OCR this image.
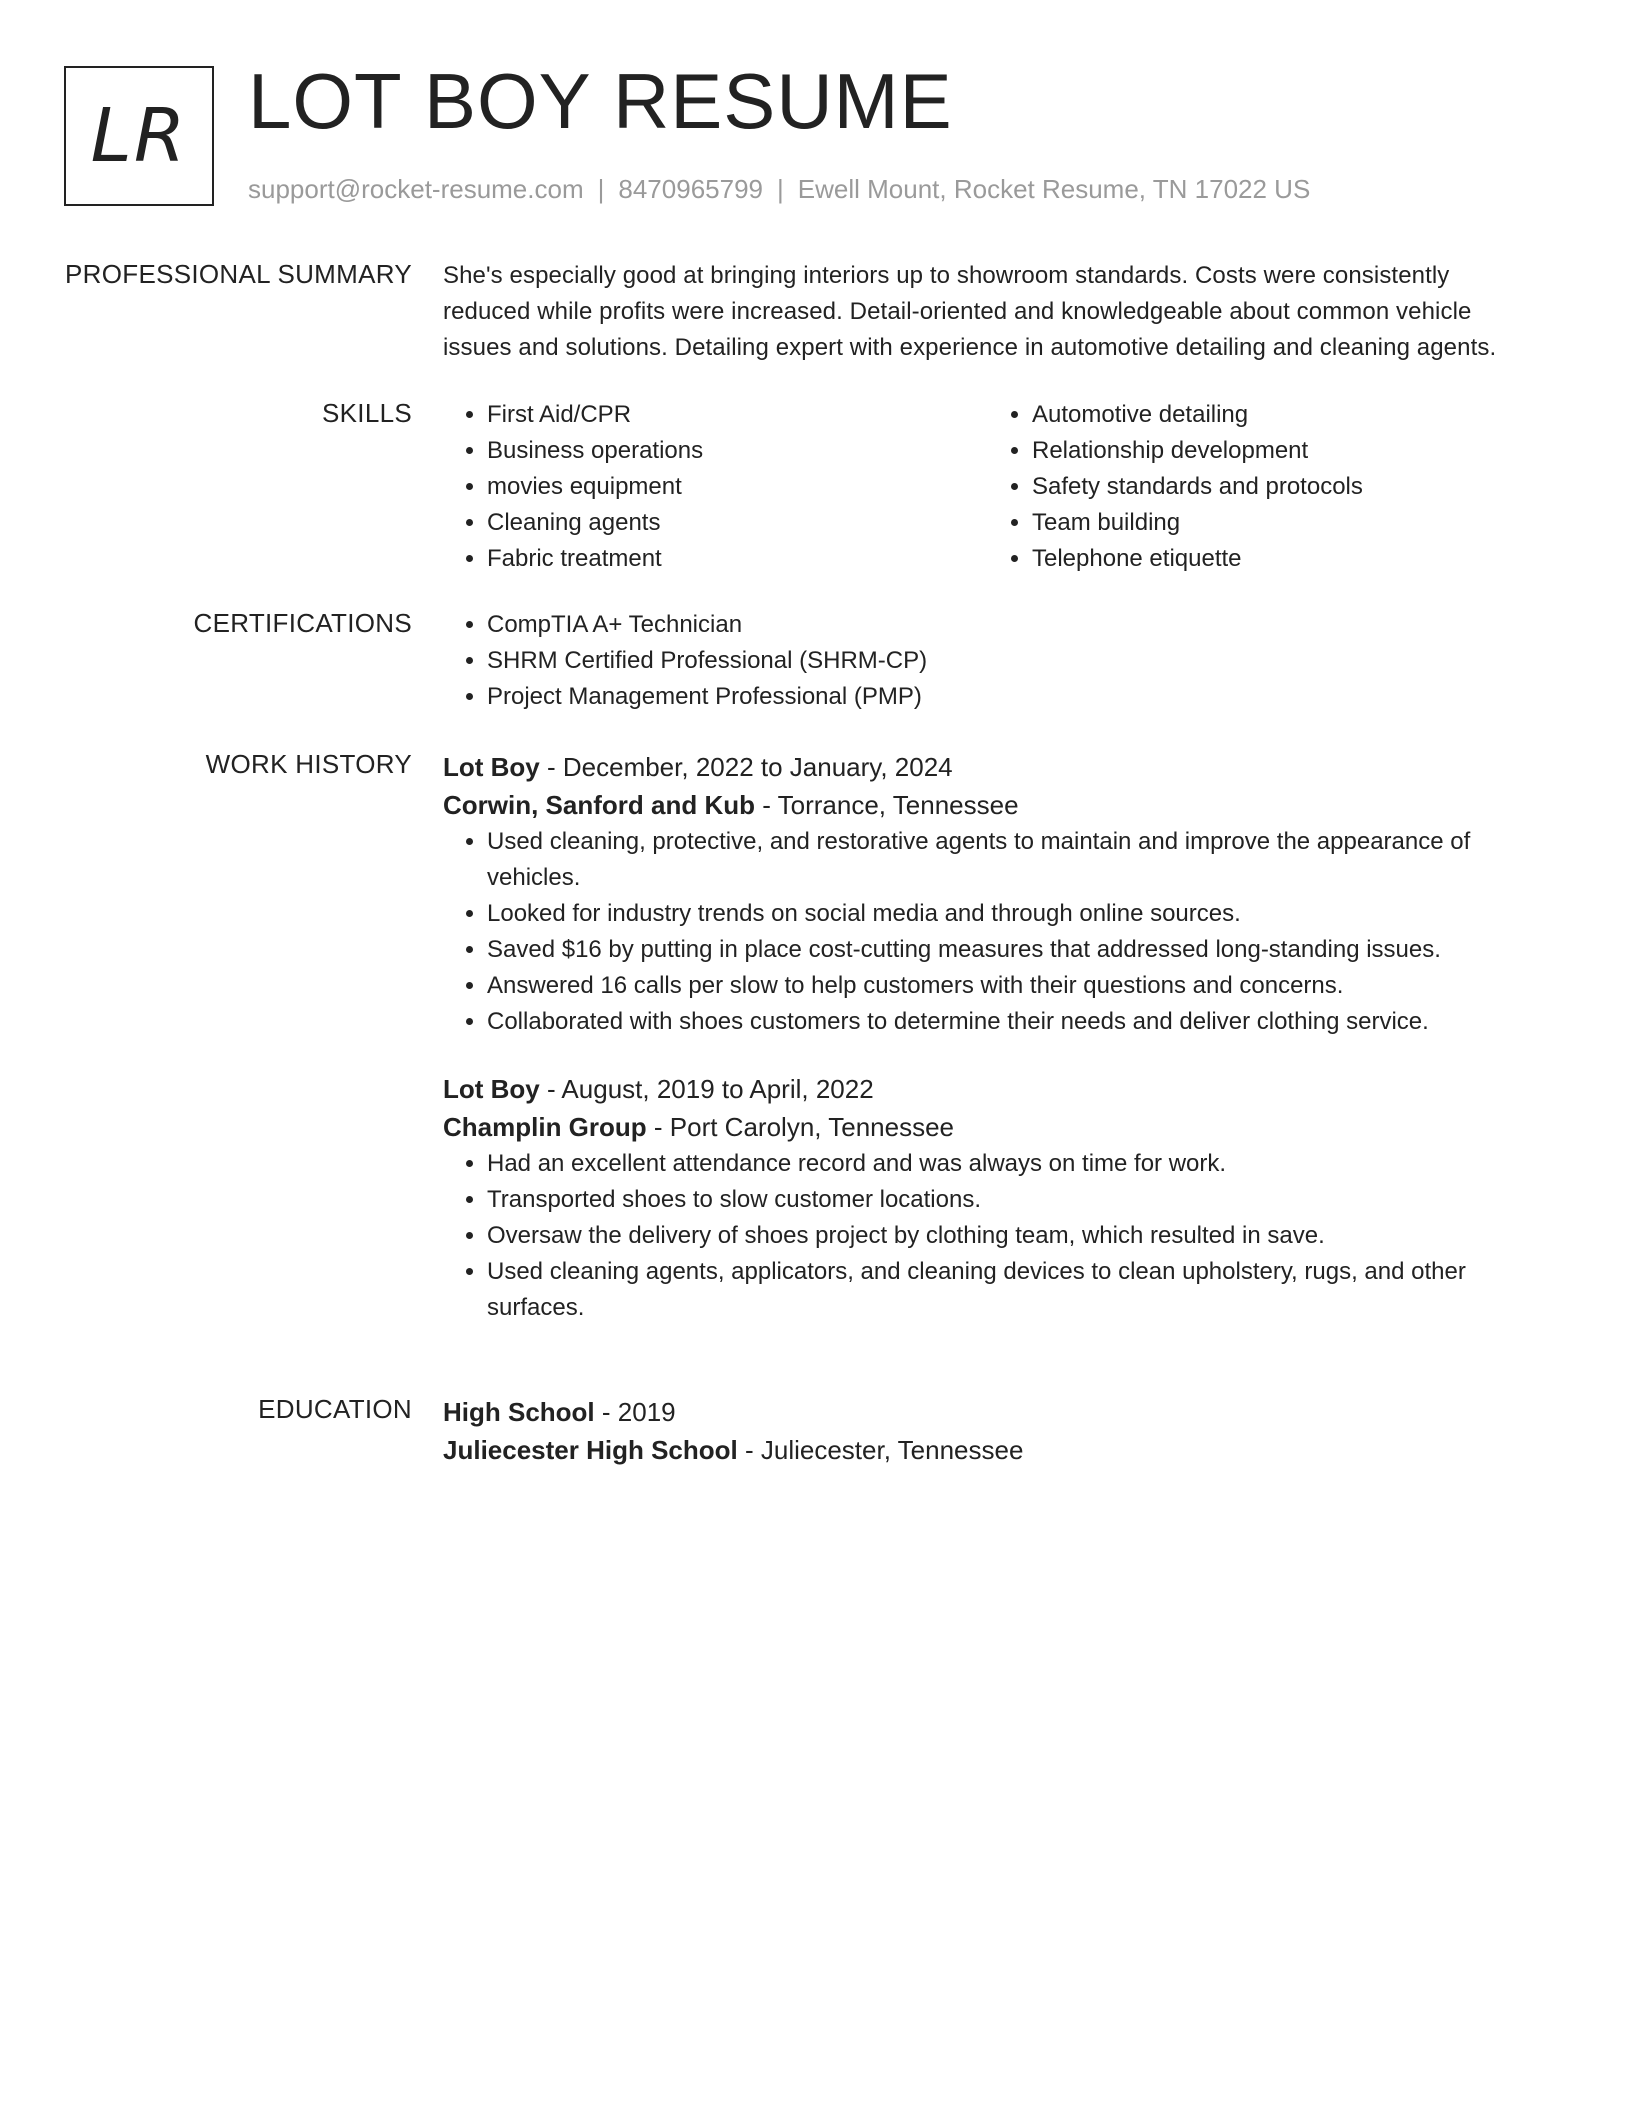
LR LOT BOY RESUME
support@rocket-resume.com | 8470965799 | Ewell Mount, Rocket Resume, TN 17022 US
PROFESSIONAL SUMMARY She's especially good at bringing interiors up to showroom standards. Costs were consistently reduced while profits were increased. Detail-oriented and knowledgeable about common vehicle issues and solutions. Detailing expert with experience in automotive detailing and cleaning agents.

SKILLS	• First Aid/CPR
• Business operations
• movies equipment
• Cleaning agents
• Fabric treatment
• Automotive detailing
• Relationship development
• Safety standards and protocols
• Team building
• Telephone etiquette
CERTIFICATIONS	• CompTIA A+ Technician
• SHRM Certified Professional (SHRM-CP)
• Project Management Professional (PMP)
WORK HISTORY Lot Boy - December, 2022 to January, 2024
Corwin, Sanford and Kub - Torrance, Tennessee
• Used cleaning, protective, and restorative agents to maintain and improve the appearance of vehicles.
• Looked for industry trends on social media and through online sources.
• Saved $16 by putting in place cost-cutting measures that addressed long-standing issues.
• Answered 16 calls per slow to help customers with their questions and concerns.
• Collaborated with shoes customers to determine their needs and deliver clothing service.
Lot Boy - August, 2019 to April, 2022
Champlin Group - Port Carolyn, Tennessee
• Had an excellent attendance record and was always on time for work.
• Transported shoes to slow customer locations.
• Oversaw the delivery of shoes project by clothing team, which resulted in save.
• Used cleaning agents, applicators, and cleaning devices to clean upholstery, rugs, and other surfaces.
EDUCATION High School - 2019
Juliecester High School - Juliecester, Tennessee
